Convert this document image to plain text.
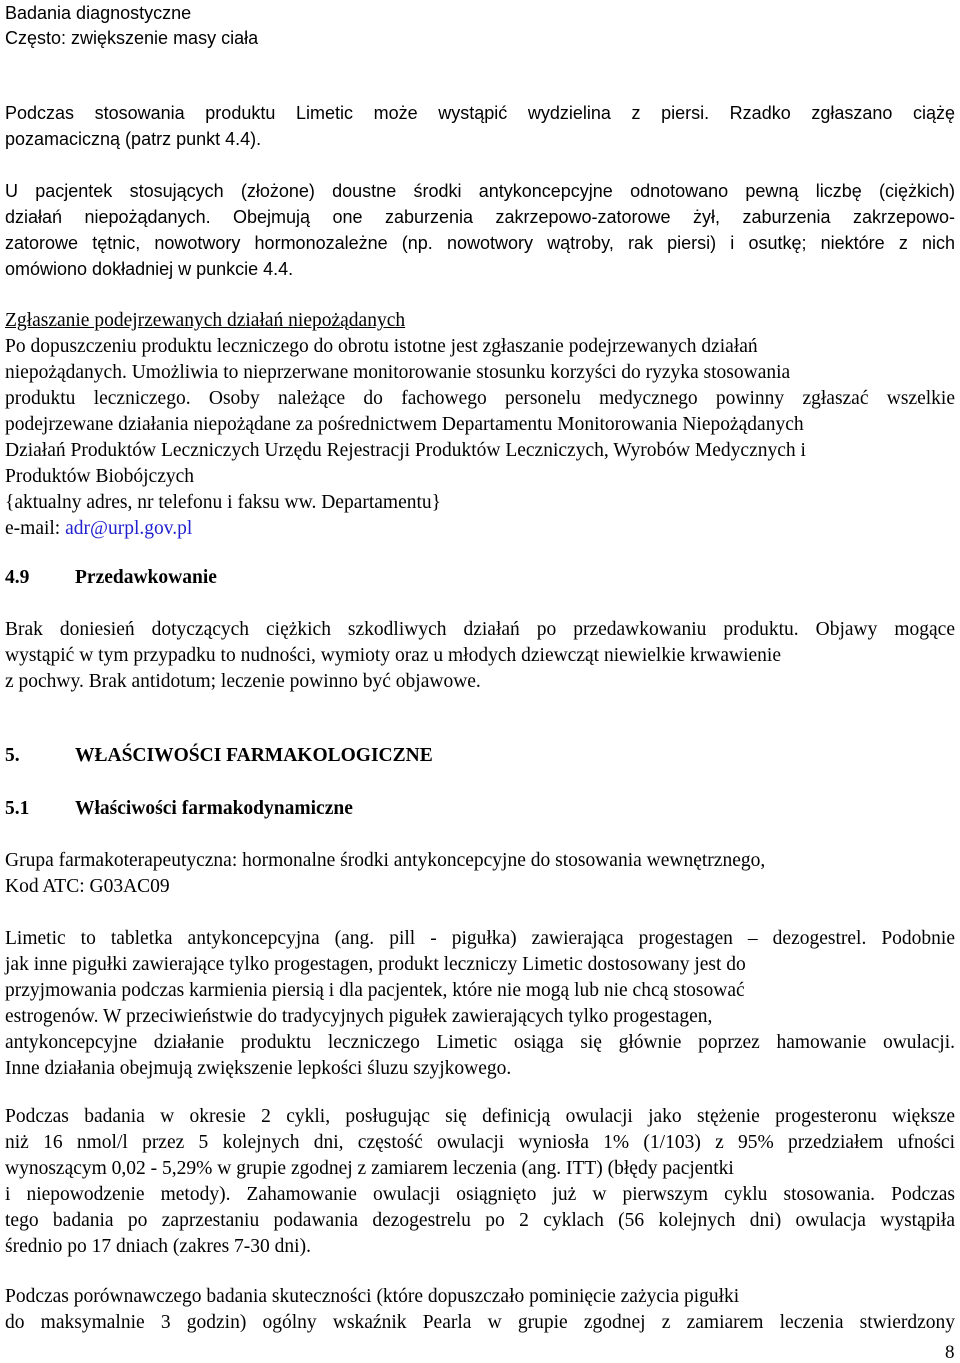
Badania diagnostyczne
Często: zwiększenie masy ciała
Podczas stosowania produktu Limetic może wystąpić wydzielina z piersi. Rzadko zgłaszano ciążę
pozamaciczną (patrz punkt 4.4).
U pacjentek stosujących (złożone) doustne środki antykoncepcyjne odnotowano pewną liczbę (ciężkich)
działań niepożądanych. Obejmują one zaburzenia zakrzepowo-zatorowe żył, zaburzenia zakrzepowo-
zatorowe tętnic, nowotwory hormonozależne (np. nowotwory wątroby, rak piersi) i osutkę; niektóre z nich
omówiono dokładniej w punkcie 4.4.
Zgłaszanie podejrzewanych działań niepożądanych
Po dopuszczeniu produktu leczniczego do obrotu istotne jest zgłaszanie podejrzewanych działań
niepożądanych. Umożliwia to nieprzerwane monitorowanie stosunku korzyści do ryzyka stosowania
produktu leczniczego. Osoby należące do fachowego personelu medycznego powinny zgłaszać wszelkie
podejrzewane działania niepożądane za pośrednictwem Departamentu Monitorowania Niepożądanych
Działań Produktów Leczniczych Urzędu Rejestracji Produktów Leczniczych, Wyrobów Medycznych i
Produktów Biobójczych
{aktualny adres, nr telefonu i faksu ww. Departamentu}
e-mail: adr@urpl.gov.pl
4.9 Przedawkowanie
Brak doniesień dotyczących ciężkich szkodliwych działań po przedawkowaniu produktu. Objawy mogące
wystąpić w tym przypadku to nudności, wymioty oraz u młodych dziewcząt niewielkie krwawienie
z pochwy. Brak antidotum; leczenie powinno być objawowe.
5.	WŁAŚCIWOŚCI FARMAKOLOGICZNE
5.1 Właściwości farmakodynamiczne
Grupa farmakoterapeutyczna: hormonalne środki antykoncepcyjne do stosowania wewnętrznego,
Kod ATC: G03AC09
Limetic to tabletka antykoncepcyjna (ang. pill - pigułka) zawierająca progestagen – dezogestrel. Podobnie
jak inne pigułki zawierające tylko progestagen, produkt leczniczy Limetic dostosowany jest do
przyjmowania podczas karmienia piersią i dla pacjentek, które nie mogą lub nie chcą stosować
estrogenów. W przeciwieństwie do tradycyjnych pigułek zawierających tylko progestagen,
antykoncepcyjne działanie produktu leczniczego Limetic osiąga się głównie poprzez hamowanie owulacji.
Inne działania obejmują zwiększenie lepkości śluzu szyjkowego.
Podczas badania w okresie 2 cykli, posługując się definicją owulacji jako stężenie progesteronu większe
niż 16 nmol/l przez 5 kolejnych dni, częstość owulacji wyniosła 1% (1/103) z 95% przedziałem ufności
wynoszącym 0,02 - 5,29% w grupie zgodnej z zamiarem leczenia (ang. ITT) (błędy pacjentki
i niepowodzenie metody). Zahamowanie owulacji osiągnięto już w pierwszym cyklu stosowania. Podczas
tego badania po zaprzestaniu podawania dezogestrelu po 2 cyklach (56 kolejnych dni) owulacja wystąpiła
średnio po 17 dniach (zakres 7-30 dni).
Podczas porównawczego badania skuteczności (które dopuszczało pominięcie zażycia pigułki
do maksymalnie 3 godzin) ogólny wskaźnik Pearla w grupie zgodnej z zamiarem leczenia stwierdzony
8
